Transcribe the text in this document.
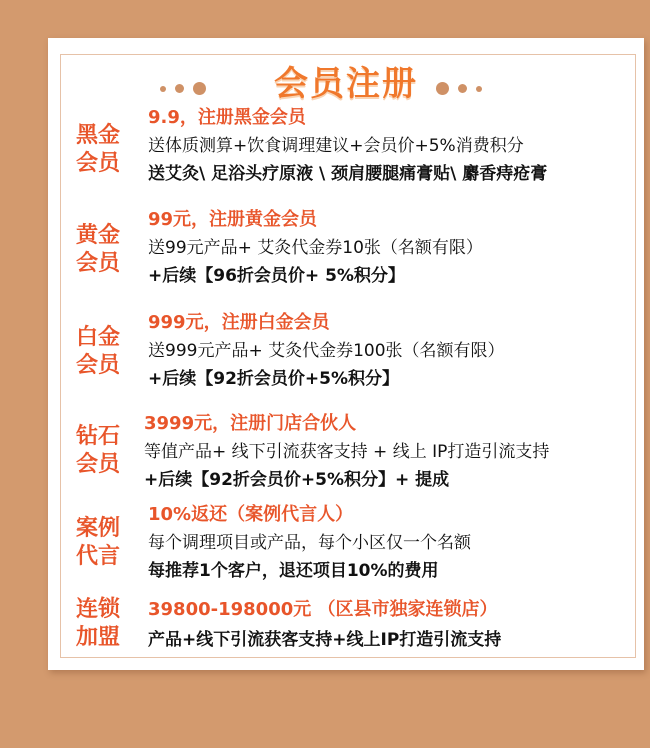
会员注册
黑金
会员
9.9，注册黑金会员
送体质测算+饮食调理建议+会员价+5%消费积分
送艾灸\ 足浴头疗原液 \ 颈肩腰腿痛膏贴\ 麝香痔疮膏
黄金
会员
99元，注册黄金会员
送99元产品+ 艾灸代金券10张（名额有限）
+后续【96折会员价+ 5%积分】
白金
会员
999元，注册白金会员
送999元产品+ 艾灸代金券100张（名额有限）
+后续【92折会员价+5%积分】
钻石
会员
3999元，注册门店合伙人
等值产品+ 线下引流获客支持 + 线上 IP打造引流支持
+后续【92折会员价+5%积分】+ 提成
案例
代言
10%返还（案例代言人）
每个调理项目或产品，每个小区仅一个名额
每推荐1个客户，退还项目10%的费用
连锁
加盟
39800-198000元 （区县市独家连锁店）
产品+线下引流获客支持+线上IP打造引流支持
